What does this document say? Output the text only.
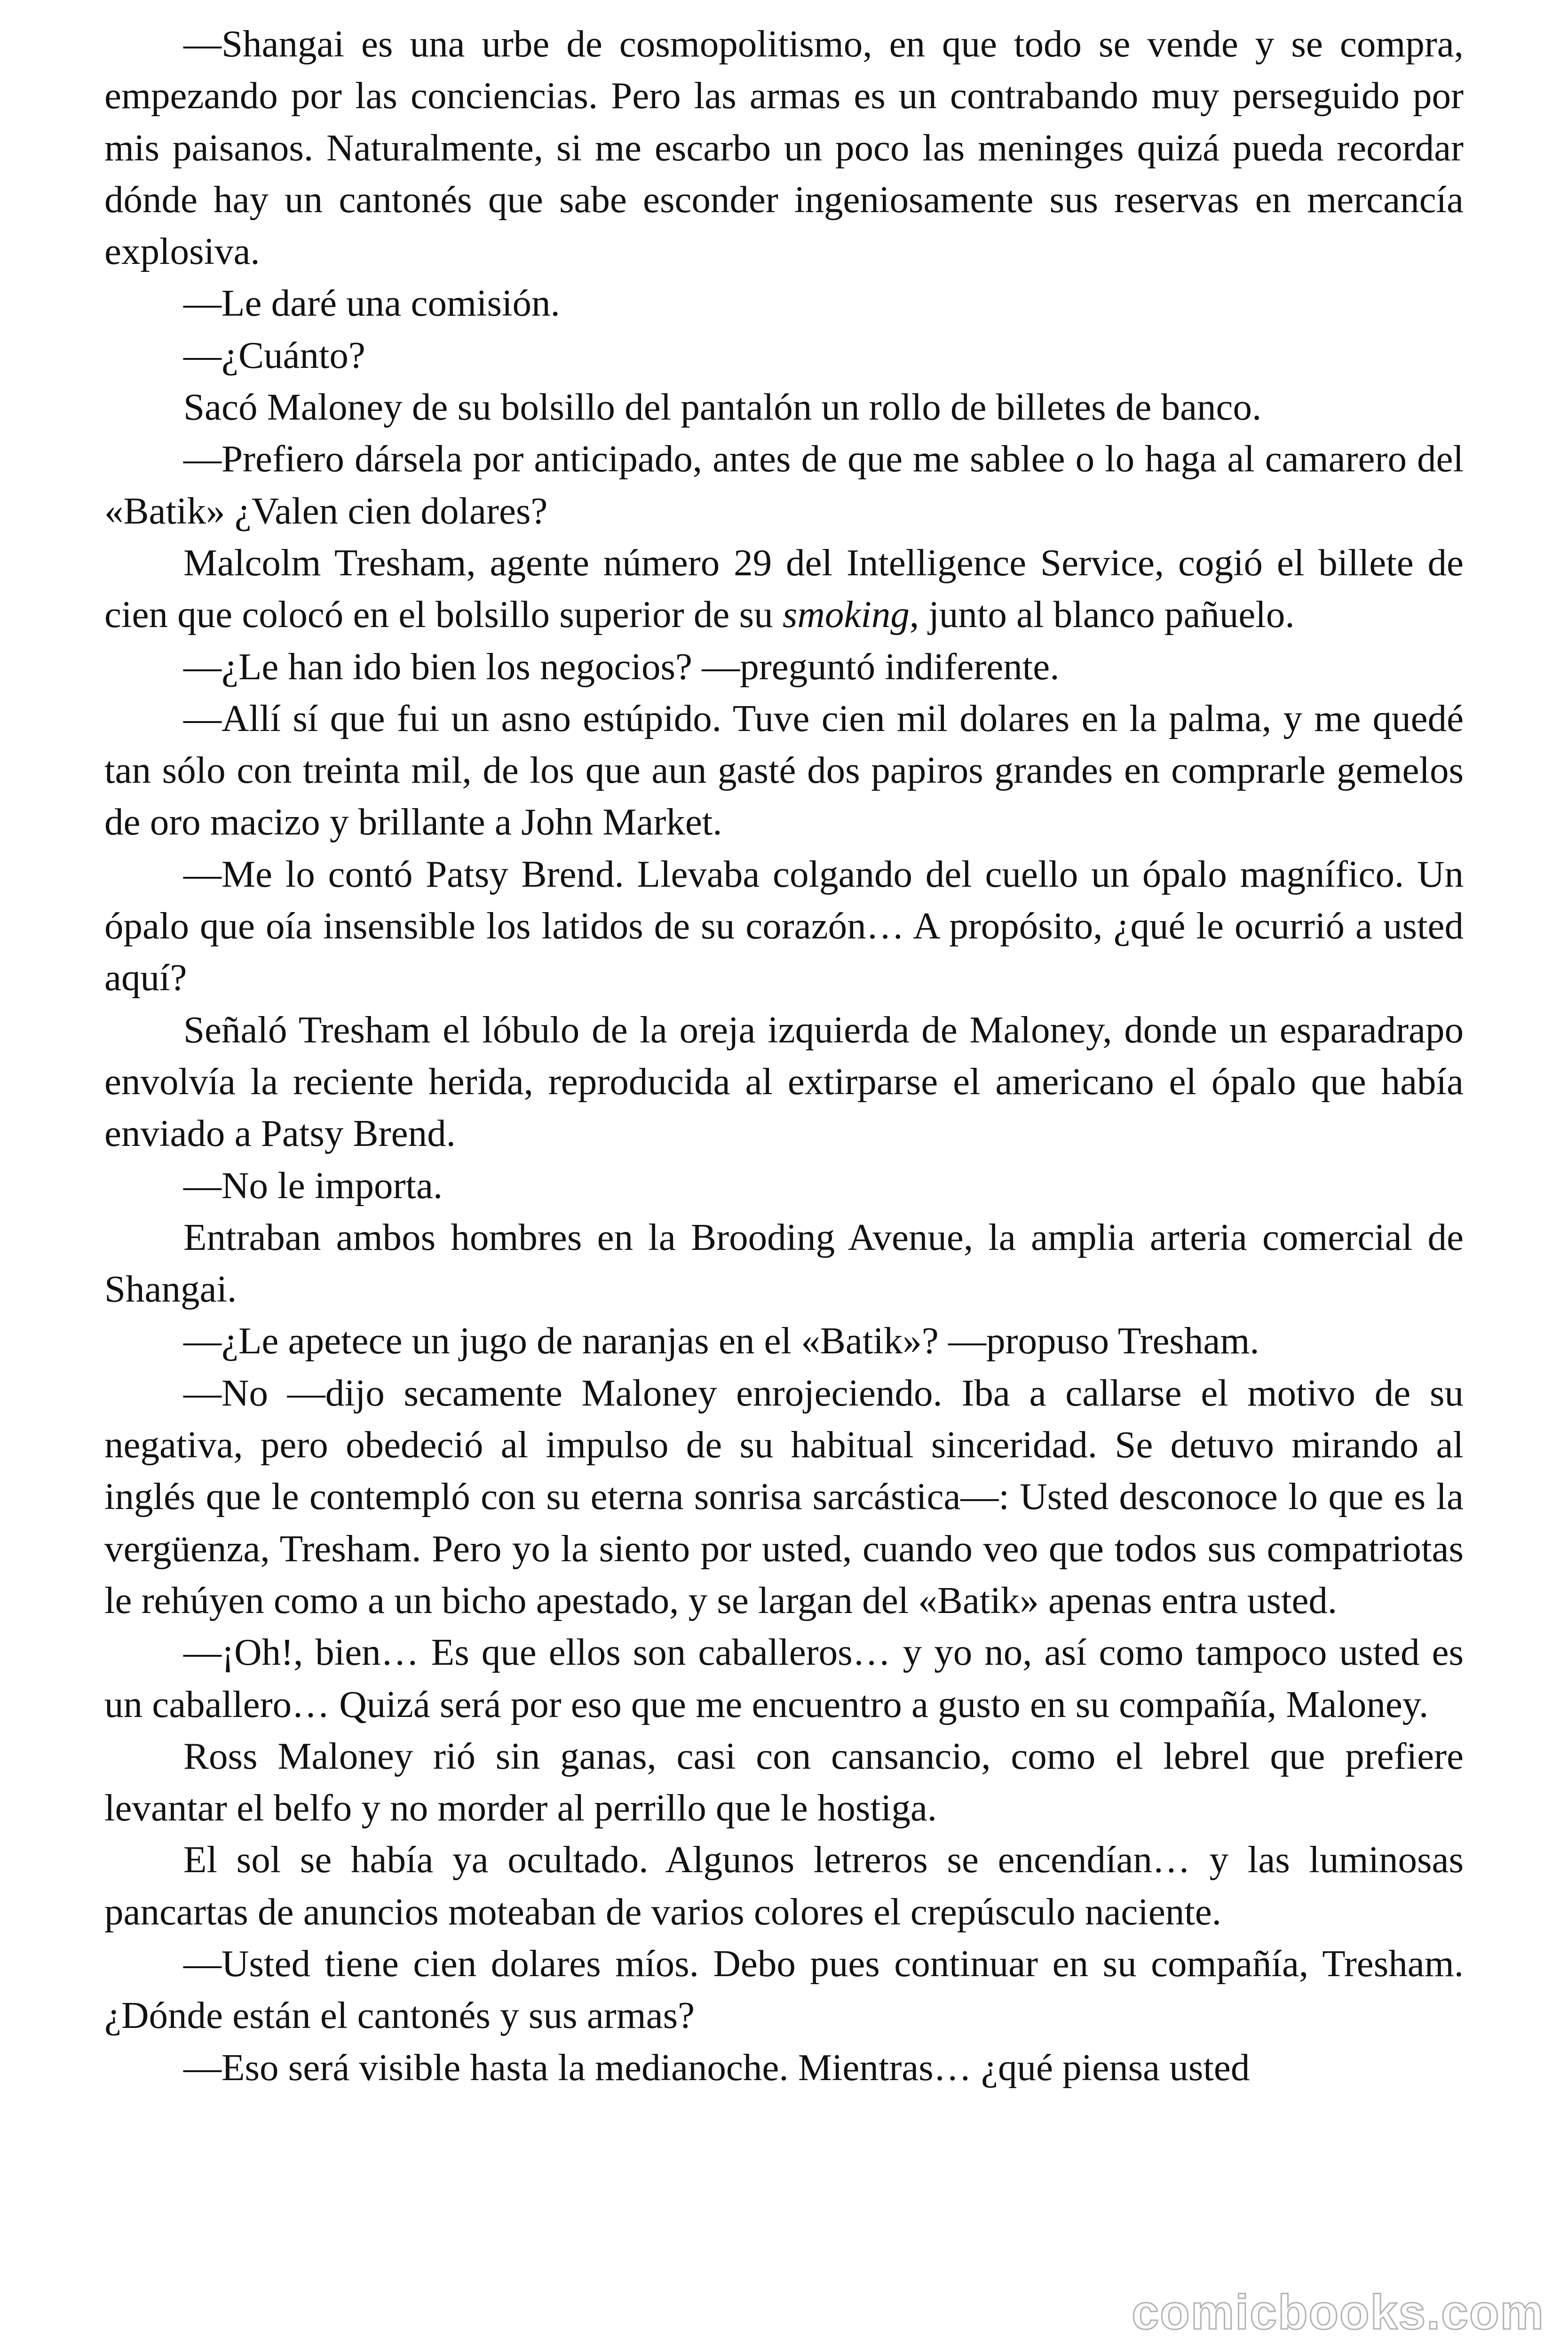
—Shangai es una urbe de cosmopolitismo, en que todo se vende y se compra, empezando por las conciencias. Pero las armas es un contrabando muy perseguido por mis paisanos. Naturalmente, si me escarbo un poco las meninges quizá pueda recordar dónde hay un cantonés que sabe esconder ingeniosamente sus reservas en mercancía explosiva.

—Le daré una comisión.

—¿Cuánto?

Sacó Maloney de su bolsillo del pantalón un rollo de billetes de banco.

—Prefiero dársela por anticipado, antes de que me sablee o lo haga al camarero del «Batik» ¿Valen cien dolares?

Malcolm Tresham, agente número 29 del Intelligence Service, cogió el billete de cien que colocó en el bolsillo superior de su smoking, junto al blanco pañuelo.

—¿Le han ido bien los negocios? —preguntó indiferente.

—Allí sí que fui un asno estúpido. Tuve cien mil dolares en la palma, y me quedé tan sólo con treinta mil, de los que aun gasté dos papiros grandes en comprarle gemelos de oro macizo y brillante a John Market.

—Me lo contó Patsy Brend. Llevaba colgando del cuello un ópalo magnífico. Un ópalo que oía insensible los latidos de su corazón… A propósito, ¿qué le ocurrió a usted aquí?

Señaló Tresham el lóbulo de la oreja izquierda de Maloney, donde un esparadrapo envolvía la reciente herida, reproducida al extirparse el americano el ópalo que había enviado a Patsy Brend.

—No le importa.

Entraban ambos hombres en la Brooding Avenue, la amplia arteria comercial de Shangai.

—¿Le apetece un jugo de naranjas en el «Batik»? —propuso Tresham.

—No —dijo secamente Maloney enrojeciendo. Iba a callarse el motivo de su negativa, pero obedeció al impulso de su habitual sinceridad. Se detuvo mirando al inglés que le contempló con su eterna sonrisa sarcástica—: Usted desconoce lo que es la vergüenza, Tresham. Pero yo la siento por usted, cuando veo que todos sus compatriotas le rehúyen como a un bicho apestado, y se largan del «Batik» apenas entra usted.

—¡Oh!, bien… Es que ellos son caballeros… y yo no, así como tampoco usted es un caballero… Quizá será por eso que me encuentro a gusto en su compañía, Maloney.

Ross Maloney rió sin ganas, casi con cansancio, como el lebrel que prefiere levantar el belfo y no morder al perrillo que le hostiga.

El sol se había ya ocultado. Algunos letreros se encendían… y las luminosas pancartas de anuncios moteaban de varios colores el crepúsculo naciente.

—Usted tiene cien dolares míos. Debo pues continuar en su compañía, Tresham. ¿Dónde están el cantonés y sus armas?

—Eso será visible hasta la medianoche. Mientras… ¿qué piensa usted

comicbooks.com
